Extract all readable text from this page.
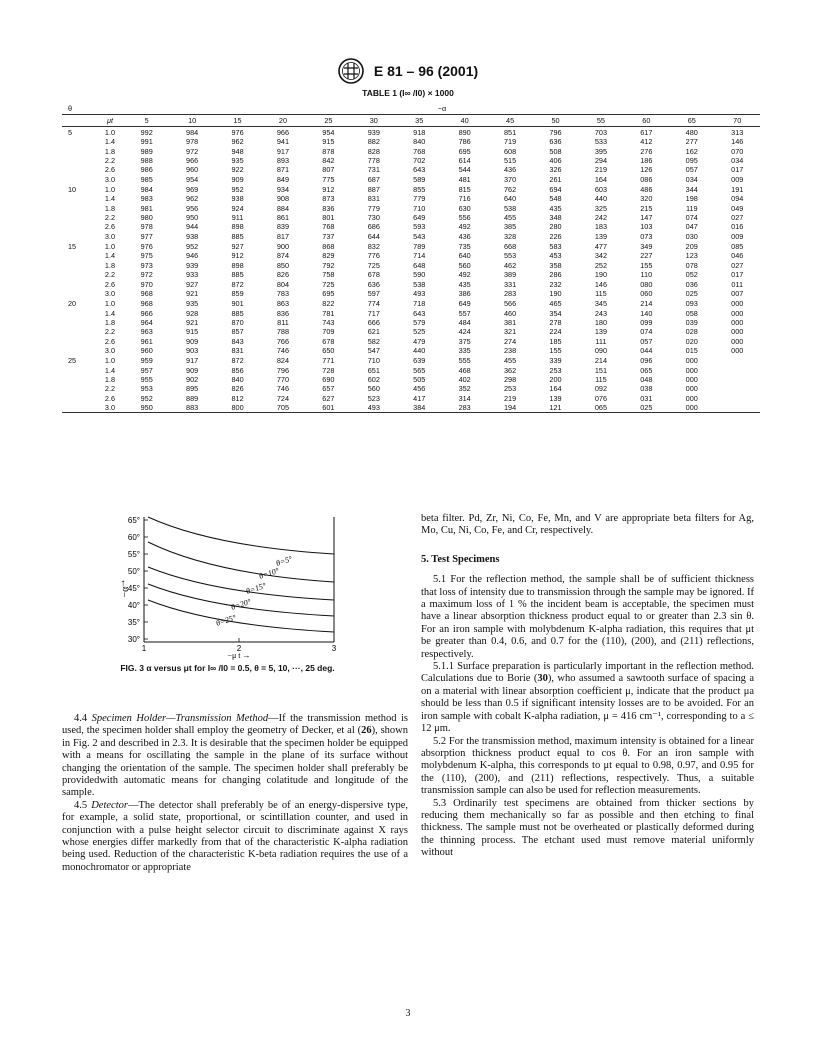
E 81 – 96 (2001)
TABLE 1 (I∞ /I0) × 1000
θ		−α													
	μt	5	10	15	20	25	30	35	40	45	50	55	60	65	70
5	1.0	992	984	976	966	954	939	918	890	851	796	703	617	480	313
	1.4	991	978	962	941	915	882	840	786	719	636	533	412	277	146
	1.8	989	972	948	917	878	828	768	695	608	508	395	276	162	070
	2.2	988	966	935	893	842	778	702	614	515	406	294	186	095	034
	2.6	986	960	922	871	807	731	643	544	436	326	219	126	057	017
	3.0	985	954	909	849	775	687	589	481	370	261	164	086	034	009
10	1.0	984	969	952	934	912	887	855	815	762	694	603	486	344	191
	1.4	983	962	938	908	873	831	779	716	640	548	440	320	198	094
	1.8	981	956	924	884	836	779	710	630	538	435	325	215	119	049
	2.2	980	950	911	861	801	730	649	556	455	348	242	147	074	027
	2.6	978	944	898	839	768	686	593	492	385	280	183	103	047	016
	3.0	977	938	885	817	737	644	543	436	328	226	139	073	030	009
15	1.0	976	952	927	900	868	832	789	735	668	583	477	349	209	085
	1.4	975	946	912	874	829	776	714	640	553	453	342	227	123	046
	1.8	973	939	898	850	792	725	648	560	462	358	252	155	078	027
	2.2	972	933	885	826	758	678	590	492	389	286	190	110	052	017
	2.6	970	927	872	804	725	636	538	435	331	232	146	080	036	011
	3.0	968	921	859	783	695	597	493	386	283	190	115	060	025	007
20	1.0	968	935	901	863	822	774	718	649	566	465	345	214	093	000
	1.4	966	928	885	836	781	717	643	557	460	354	243	140	058	000
	1.8	964	921	870	811	743	666	579	484	381	278	180	099	039	000
	2.2	963	915	857	788	709	621	525	424	321	224	139	074	028	000
	2.6	961	909	843	766	678	582	479	375	274	185	111	057	020	000
	3.0	960	903	831	746	650	547	440	335	238	155	090	044	015	000
25	1.0	959	917	872	824	771	710	639	555	455	339	214	096	000	
	1.4	957	909	856	796	728	651	565	468	362	253	151	065	000	
	1.8	955	902	840	770	690	602	505	402	298	200	115	048	000	
	2.2	953	895	826	746	657	560	456	352	253	164	092	038	000	
	2.6	952	889	812	724	627	523	417	314	219	139	076	031	000	
	3.0	950	883	800	705	601	493	384	283	194	121	065	025	000	
65°
60°
55°
50°
45°
40°
35°
30°
1	2	3
−α
↑
−μ t →
θ=5°
θ=10°
θ=15°
θ=20°
θ=25°
FIG. 3 α versus μt for I∞ /I0 = 0.5, θ = 5, 10, ···, 25 deg.

4.4 Specimen Holder—Transmission Method—If the transmission method is used, the specimen holder shall employ the geometry of Decker, et al (26), shown in Fig. 2 and described in 2.3. It is desirable that the specimen holder be equipped with a means for oscillating the sample in the plane of its surface without changing the orientation of the sample. The specimen holder shall preferably be providedwith automatic means for changing colatitude and longitude of the sample.

4.5 Detector—The detector shall preferably be of an energy-dispersive type, for example, a solid state, proportional, or scintillation counter, and used in conjunction with a pulse height selector circuit to discriminate against X rays whose energies differ markedly from that of the characteristic K-alpha radiation being used. Reduction of the characteristic K-beta radiation requires the use of a monochromator or appropriate

beta filter. Pd, Zr, Ni, Co, Fe, Mn, and V are appropriate beta filters for Ag, Mo, Cu, Ni, Co, Fe, and Cr, respectively.

5. Test Specimens

5.1 For the reflection method, the sample shall be of sufficient thickness that loss of intensity due to transmission through the sample may be ignored. If a maximum loss of 1 % the incident beam is acceptable, the specimen must have a linear absorption thickness product equal to or greater than 2.3 sin θ. For an iron sample with molybdenum K-alpha radiation, this requires that μt be greater than 0.4, 0.6, and 0.7 for the (110), (200), and (211) reflections, respectively.

5.1.1 Surface preparation is particularly important in the reflection method. Calculations due to Borie (30), who assumed a sawtooth surface of spacing a on a material with linear absorption coefficient μ, indicate that the product μa should be less than 0.5 if significant intensity losses are to be avoided. For an iron sample with cobalt K-alpha radiation, μ = 416 cm⁻¹, corresponding to a ≤ 12 μm.

5.2 For the transmission method, maximum intensity is obtained for a linear absorption thickness product equal to cos θ. For an iron sample with molybdenum K-alpha, this corresponds to μt equal to 0.98, 0.97, and 0.95 for the (110), (200), and (211) reflections, respectively. Thus, a suitable transmission sample can also be used for reflection measurements.

5.3 Ordinarily test specimens are obtained from thicker sections by reducing them mechanically so far as possible and then etching to final thickness. The sample must not be overheated or plastically deformed during the thinning process. The etchant used must remove material uniformly without

3
